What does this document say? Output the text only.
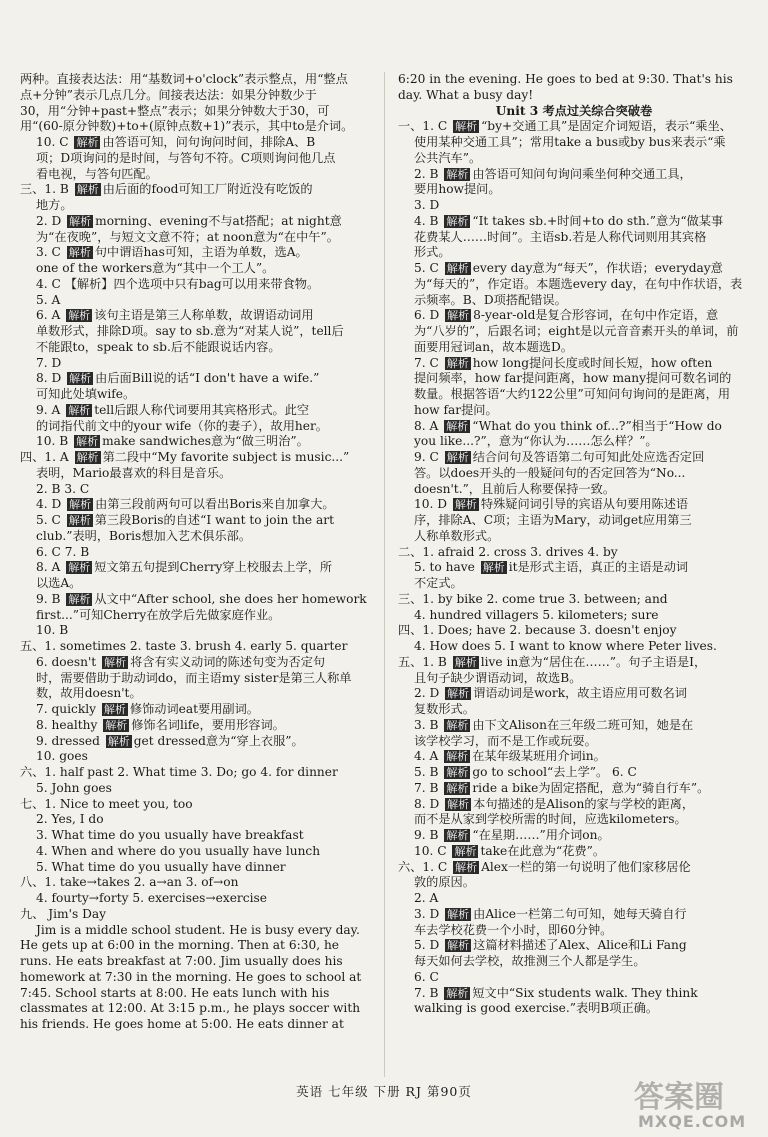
两种。直接表达法：用“基数词+o'clock”表示整点，用“整点
点+分钟”表示几点几分。间接表达法：如果分钟数少于
30，用“分钟+past+整点”表示；如果分钟数大于30，可
用“(60-原分钟数)+to+(原钟点数+1)”表示，其中to是介词。
10. C 解析 由答语可知，问句询问时间，排除A、B
项；D项询问的是时间，与答句不符。C项则询问他几点
看电视，与答句匹配。
三、1. B 解析 由后面的food可知工厂附近没有吃饭的
地方。
2. D 解析 morning、evening不与at搭配；at night意
为“在夜晚”，与短文文意不符；at noon意为“在中午”。
3. C 解析 句中谓语has可知，主语为单数，选A。
one of the workers意为“其中一个工人”。
4. C 【解析】四个选项中只有bag可以用来带食物。
5. A
6. A 解析 该句主语是第三人称单数，故谓语动词用
单数形式，排除D项。say to sb.意为“对某人说”，tell后
不能跟to，speak to sb.后不能跟说话内容。
7. D
8. D 解析 由后面Bill说的话“I don't have a wife.”
可知此处填wife。
9. A 解析 tell后跟人称代词要用其宾格形式。此空
的词指代前文中的your wife（你的妻子），故用her。
10. B 解析 make sandwiches意为“做三明治”。
四、1. A 解析 第二段中“My favorite subject is music...”
表明，Mario最喜欢的科目是音乐。
2. B 3. C
4. D 解析 由第三段前两句可以看出Boris来自加拿大。
5. C 解析 第三段Boris的自述“I want to join the art
club.”表明，Boris想加入艺术俱乐部。
6. C 7. B
8. A 解析 短文第五句提到Cherry穿上校服去上学，所
以选A。
9. B 解析 从文中“After school, she does her homework
first...”可知Cherry在放学后先做家庭作业。
10. B
五、1. sometimes 2. taste 3. brush 4. early 5. quarter
6. doesn't 解析 将含有实义动词的陈述句变为否定句
时，需要借助于助动词do，而主语my sister是第三人称单
数，故用doesn't。
7. quickly 解析 修饰动词eat要用副词。
8. healthy 解析 修饰名词life，要用形容词。
9. dressed 解析 get dressed意为“穿上衣服”。
10. goes
六、1. half past 2. What time 3. Do; go 4. for dinner
5. John goes
七、1. Nice to meet you, too
2. Yes, I do
3. What time do you usually have breakfast
4. When and where do you usually have lunch
5. What time do you usually have dinner
八、1. take→takes 2. a→an 3. of→on
4. fourty→forty 5. exercises→exercise
九、 Jim's Day
Jim is a middle school student. He is busy every day.
He gets up at 6:00 in the morning. Then at 6:30, he
runs. He eats breakfast at 7:00. Jim usually does his
homework at 7:30 in the morning. He goes to school at
7:45. School starts at 8:00. He eats lunch with his
classmates at 12:00. At 3:15 p.m., he plays soccer with
his friends. He goes home at 5:00. He eats dinner at
6:20 in the evening. He goes to bed at 9:30. That's his
day. What a busy day!
Unit 3 考点过关综合突破卷
一、1. C 解析 “by+交通工具”是固定介词短语，表示“乘坐、
使用某种交通工具”；常用take a bus或by bus来表示“乘
公共汽车”。
2. B 解析 由答语可知问句询问乘坐何种交通工具，
要用how提问。
3. D
4. B 解析 “It takes sb.+时间+to do sth.”意为“做某事
花费某人……时间”。主语sb.若是人称代词则用其宾格
形式。
5. C 解析 every day意为“每天”，作状语；everyday意
为“每天的”，作定语。本题选every day，在句中作状语，表
示频率。B、D项搭配错误。
6. D 解析 8-year-old是复合形容词，在句中作定语，意
为“八岁的”，后跟名词；eight是以元音音素开头的单词，前
面要用冠词an，故本题选D。
7. C 解析 how long提问长度或时间长短，how often
提问频率，how far提问距离，how many提问可数名词的
数量。根据答语“大约122公里”可知问句询问的是距离，用
how far提问。
8. A 解析 “What do you think of...?”相当于“How do
you like...?”，意为“你认为……怎么样？”。
9. C 解析 结合问句及答语第二句可知此处应选否定回
答。以does开头的一般疑问句的否定回答为“No...
doesn't.”，且前后人称要保持一致。
10. D 解析 特殊疑问词引导的宾语从句要用陈述语
序，排除A、C项；主语为Mary，动词get应用第三
人称单数形式。
二、1. afraid 2. cross 3. drives 4. by
5. to have 解析 it是形式主语，真正的主语是动词
不定式。
三、1. by bike 2. come true 3. between; and
4. hundred villagers 5. kilometers; sure
四、1. Does; have 2. because 3. doesn't enjoy
4. How does 5. I want to know where Peter lives.
五、1. B 解析 live in意为“居住在……”。句子主语是I，
且句子缺少谓语动词，故选B。
2. D 解析 谓语动词是work，故主语应用可数名词
复数形式。
3. B 解析 由下文Alison在三年级二班可知，她是在
该学校学习，而不是工作或玩耍。
4. A 解析 在某年级某班用介词in。
5. B 解析 go to school“去上学”。 6. C
7. B 解析 ride a bike为固定搭配，意为“骑自行车”。
8. D 解析 本句描述的是Alison的家与学校的距离，
而不是从家到学校所需的时间，应选kilometers。
9. B 解析 “在星期……”用介词on。
10. C 解析 take在此意为“花费”。
六、1. C 解析 Alex一栏的第一句说明了他们家移居伦
敦的原因。
2. A
3. D 解析 由Alice一栏第二句可知，她每天骑自行
车去学校花费一个小时，即60分钟。
5. D 解析 这篇材料描述了Alex、Alice和Li Fang
每天如何去学校，故推测三个人都是学生。
6. C
7. B 解析 短文中“Six students walk. They think
walking is good exercise.”表明B项正确。
英语 七年级 下册 RJ 第90页	答案圈
MXQE.COM
